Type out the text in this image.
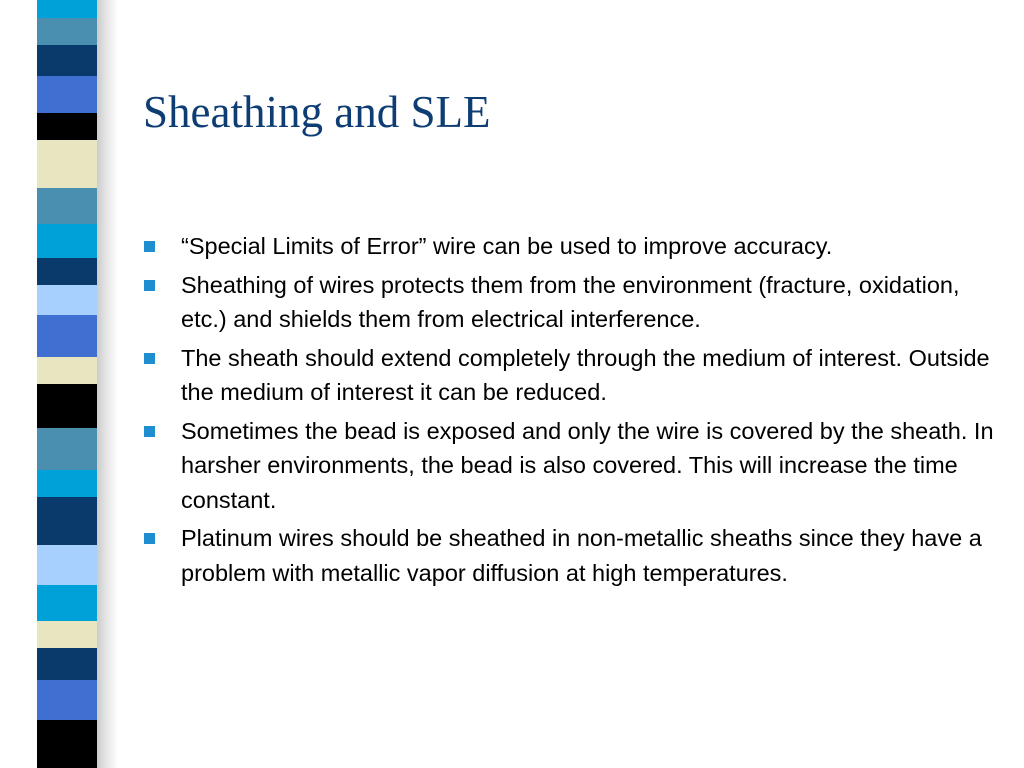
Sheathing and SLE
“Special Limits of Error” wire can be used to improve accuracy.
Sheathing of wires protects them from the environment (fracture, oxidation, etc.) and shields them from electrical interference.
The sheath should extend completely through the medium of interest. Outside the medium of interest it can be reduced.
Sometimes the bead is exposed and only the wire is covered by the sheath. In harsher environments, the bead is also covered. This will increase the time constant.
Platinum wires should be sheathed in non-metallic sheaths since they have a problem with metallic vapor diffusion at high temperatures.
